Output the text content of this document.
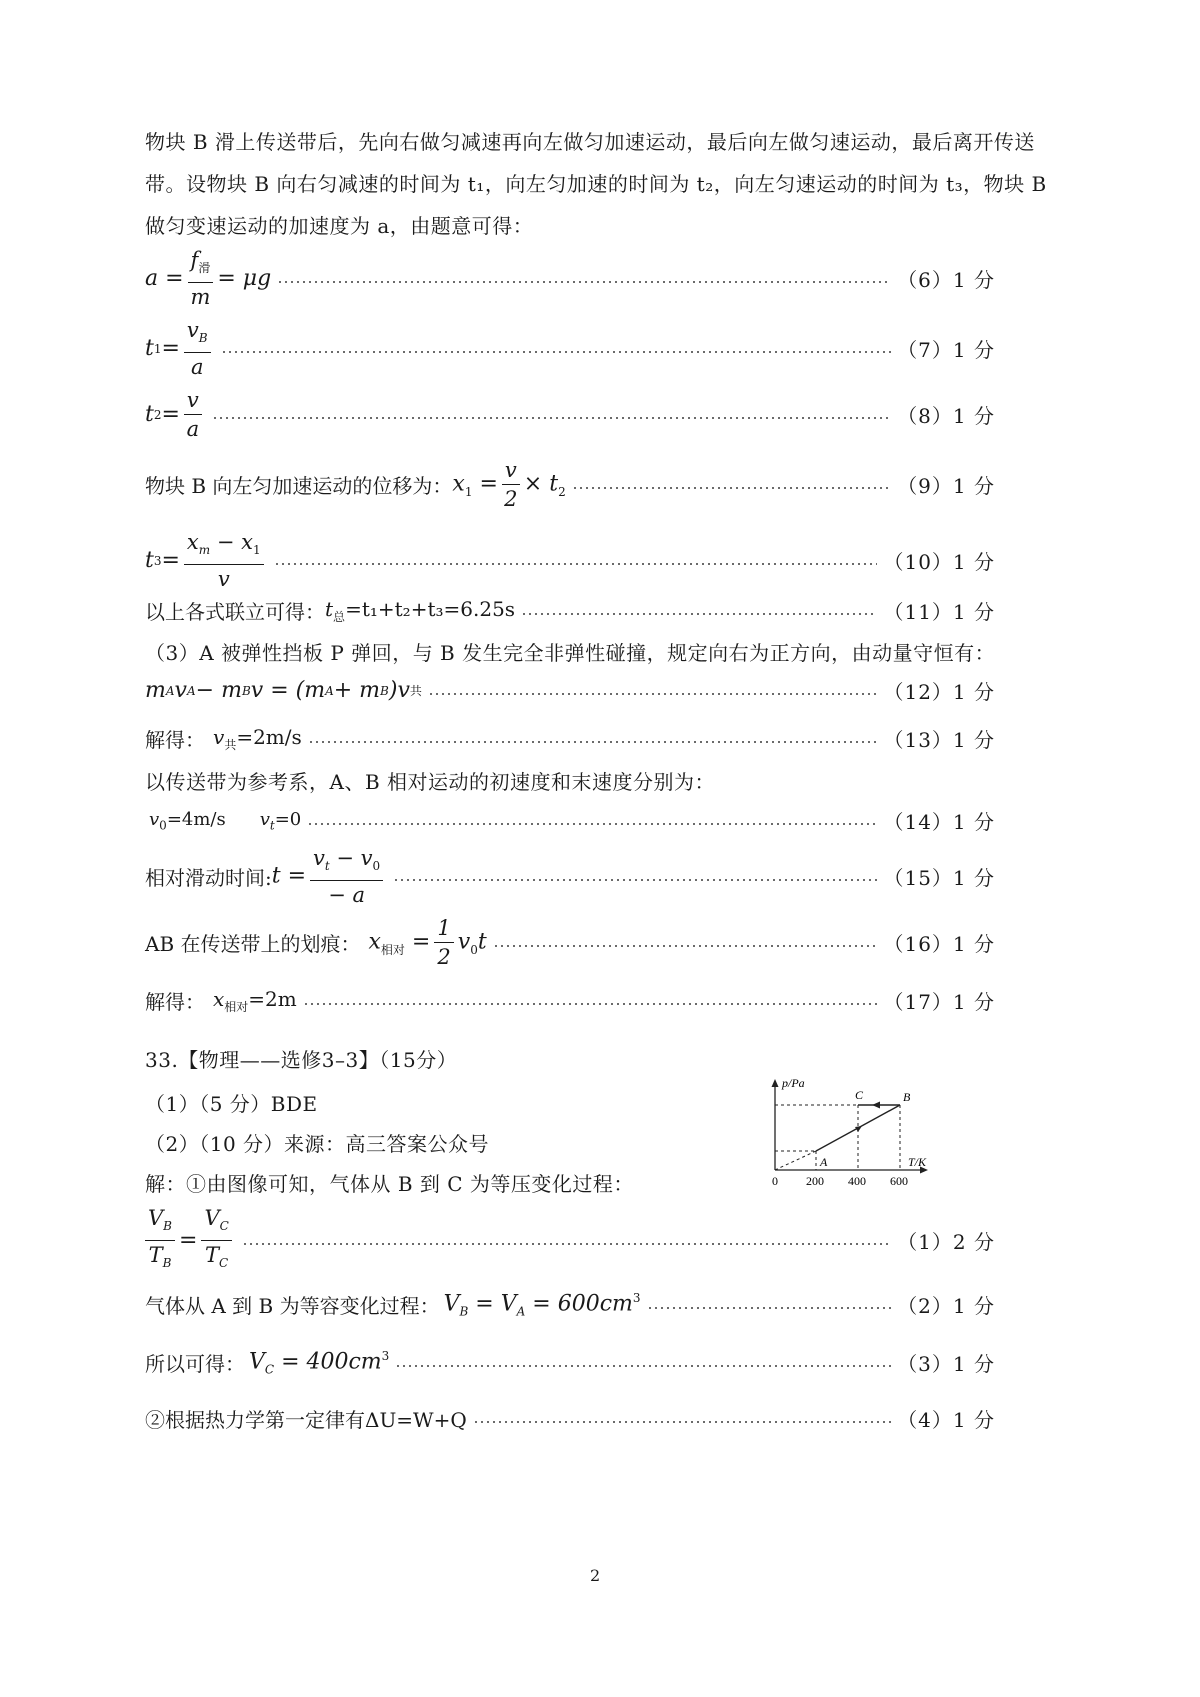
物块 B 滑上传送带后，先向右做匀减速再向左做匀加速运动，最后向左做匀速运动，最后离开传送
带。设物块 B 向右匀减速的时间为 t₁，向左匀加速的时间为 t₂，向左匀速运动的时间为 t₃，物块 B
做匀变速运动的加速度为 a，由题意可得：
$a = \frac{f_滑}{m} = \mu g$	（6）1 分
t $1 = \frac{v_B}{a}$	（7）1 分
t $2 = \frac{v}{a}$	（8）1 分
物块 B 向左匀加速运动的位移为： $x_1 = \frac{v}{2} \times t_2$	（9）1 分
t $3 = \frac{x_m - x_1}{v}$	（10）1 分
以上各式联立可得： $t_总=t_1+t_2+t_3=6.25s$	（11）1 分
（3）A 被弹性挡板 P 弹回，与 B 发生完全非弹性碰撞，规定向右为正方向，由动量守恒有：
m A v A − m B v = (m A + m B )v 共	（12）1 分
解得： $v_共=2m/s$	（13）1 分
以传送带为参考系，A、B 相对运动的初速度和末速度分别为：
$v_0=4m/s$ $v_t=0$	（14）1 分
相对滑动时间: $t = \frac{v_t - v_0}{- a}$	（15）1 分
AB 在传送带上的划痕： $x_{相对} = \frac{1}{2} v_0t$	（16）1 分
解得： $x_{相对}=2m$	（17）1 分
33.【物理——选修3–3】（15分）
（1）（5 分）BDE
（2）（10 分）来源：高三答案公众号
解：①由图像可知，气体从 B 到 C 为等压变化过程：
p/Pa
T/K
A
B
C
0 200 400 600
$\frac{V_B}{T_B} = \frac{V_C}{T_C}$	（1）2 分
气体从 A 到 B 为等容变化过程： $V_B = V_A = 600cm^3$	（2）1 分
所以可得： $V_C = 400cm^3$	（3）1 分
②根据热力学第一定律有ΔU=W+Q	（4）1 分
2
